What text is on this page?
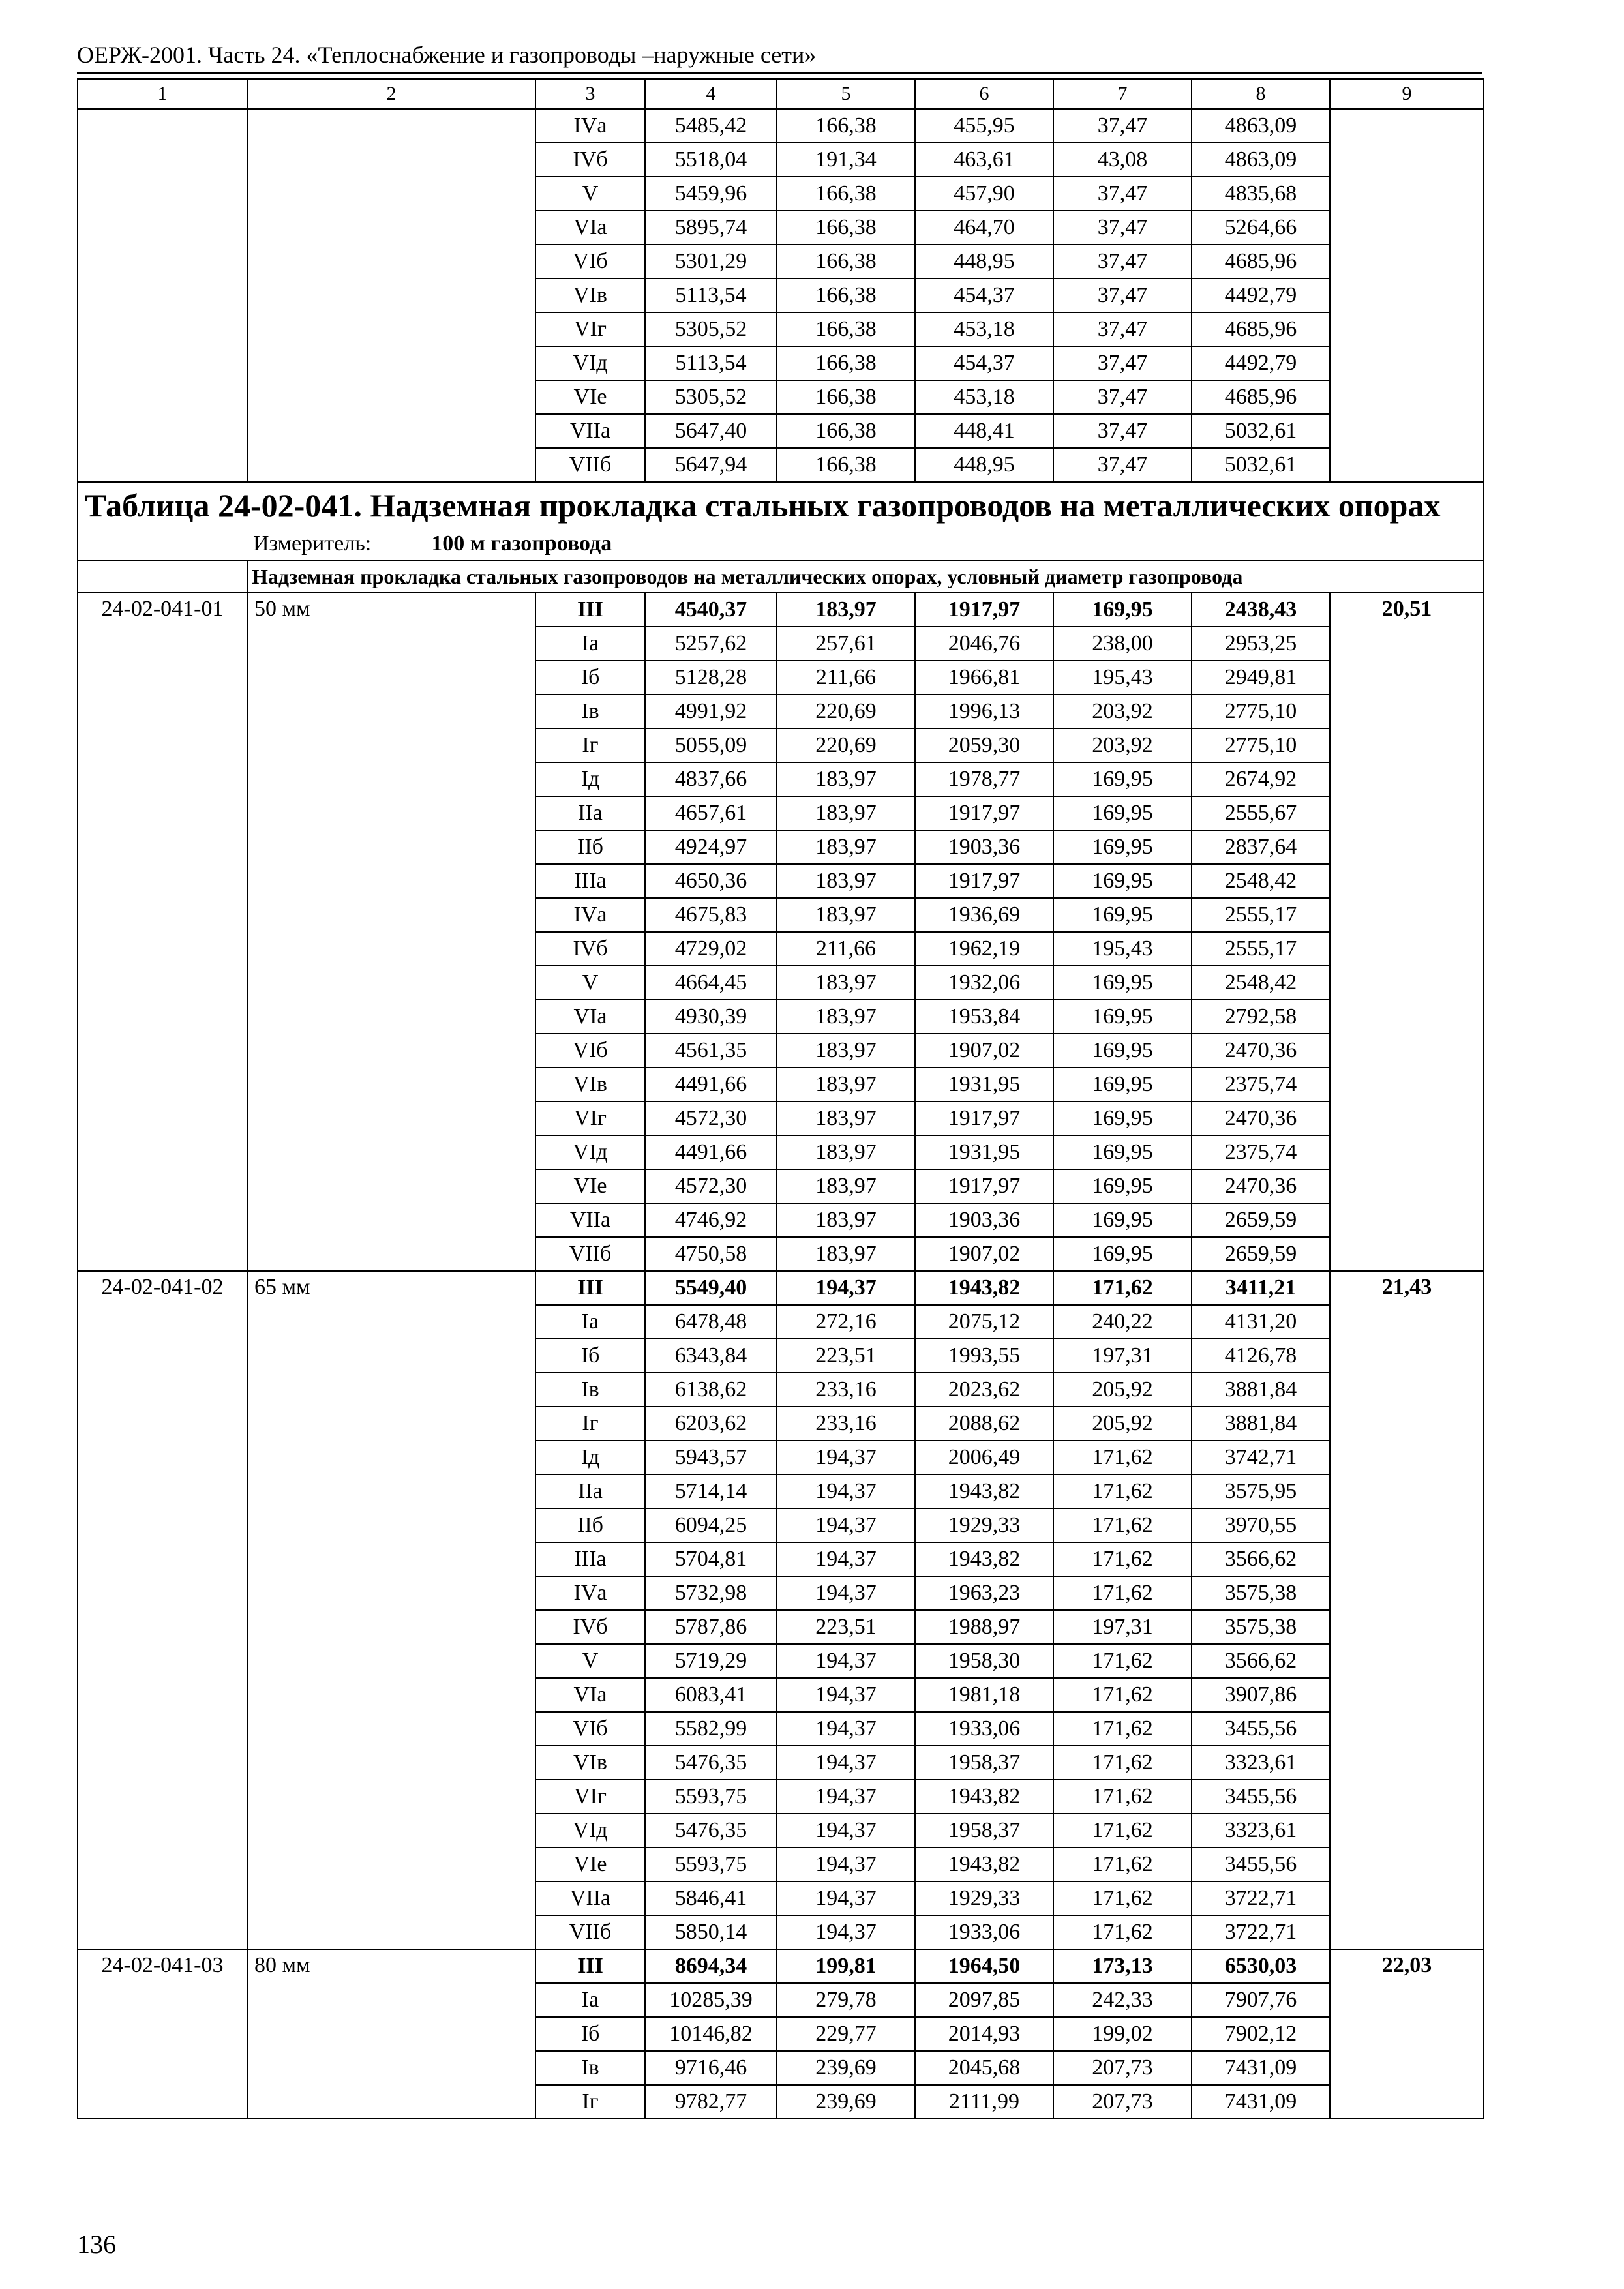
ОЕРЖ-2001. Часть 24. «Теплоснабжение и газопроводы –наружные сети»
1	2	3	4	5	6	7	8	9
		IVа	5485,42	166,38	455,95	37,47	4863,09	
		IVб	5518,04	191,34	463,61	43,08	4863,09	
		V	5459,96	166,38	457,90	37,47	4835,68	
		VIа	5895,74	166,38	464,70	37,47	5264,66	
		VIб	5301,29	166,38	448,95	37,47	4685,96	
		VIв	5113,54	166,38	454,37	37,47	4492,79	
		VIг	5305,52	166,38	453,18	37,47	4685,96	
		VIд	5113,54	166,38	454,37	37,47	4492,79	
		VIе	5305,52	166,38	453,18	37,47	4685,96	
		VIIа	5647,40	166,38	448,41	37,47	5032,61	
		VIIб	5647,94	166,38	448,95	37,47	5032,61	

Таблица 24-02-041. Надземная прокладка стальных газопроводов на металлических опорах								

Измеритель: 100 м газопровода								
	Надземная прокладка стальных газопроводов на металлических опорах, условный диаметр газопровода							
24-02-041-01	50 мм	III	4540,37	183,97	1917,97	169,95	2438,43	20,51
		Iа	5257,62	257,61	2046,76	238,00	2953,25	
		Iб	5128,28	211,66	1966,81	195,43	2949,81	
		Iв	4991,92	220,69	1996,13	203,92	2775,10	
		Iг	5055,09	220,69	2059,30	203,92	2775,10	
		Iд	4837,66	183,97	1978,77	169,95	2674,92	
		IIа	4657,61	183,97	1917,97	169,95	2555,67	
		IIб	4924,97	183,97	1903,36	169,95	2837,64	
		IIIа	4650,36	183,97	1917,97	169,95	2548,42	
		IVа	4675,83	183,97	1936,69	169,95	2555,17	
		IVб	4729,02	211,66	1962,19	195,43	2555,17	
		V	4664,45	183,97	1932,06	169,95	2548,42	
		VIа	4930,39	183,97	1953,84	169,95	2792,58	
		VIб	4561,35	183,97	1907,02	169,95	2470,36	
		VIв	4491,66	183,97	1931,95	169,95	2375,74	
		VIг	4572,30	183,97	1917,97	169,95	2470,36	
		VIд	4491,66	183,97	1931,95	169,95	2375,74	
		VIе	4572,30	183,97	1917,97	169,95	2470,36	
		VIIа	4746,92	183,97	1903,36	169,95	2659,59	
		VIIб	4750,58	183,97	1907,02	169,95	2659,59	
24-02-041-02	65 мм	III	5549,40	194,37	1943,82	171,62	3411,21	21,43
		Iа	6478,48	272,16	2075,12	240,22	4131,20	
		Iб	6343,84	223,51	1993,55	197,31	4126,78	
		Iв	6138,62	233,16	2023,62	205,92	3881,84	
		Iг	6203,62	233,16	2088,62	205,92	3881,84	
		Iд	5943,57	194,37	2006,49	171,62	3742,71	
		IIа	5714,14	194,37	1943,82	171,62	3575,95	
		IIб	6094,25	194,37	1929,33	171,62	3970,55	
		IIIа	5704,81	194,37	1943,82	171,62	3566,62	
		IVа	5732,98	194,37	1963,23	171,62	3575,38	
		IVб	5787,86	223,51	1988,97	197,31	3575,38	
		V	5719,29	194,37	1958,30	171,62	3566,62	
		VIа	6083,41	194,37	1981,18	171,62	3907,86	
		VIб	5582,99	194,37	1933,06	171,62	3455,56	
		VIв	5476,35	194,37	1958,37	171,62	3323,61	
		VIг	5593,75	194,37	1943,82	171,62	3455,56	
		VIд	5476,35	194,37	1958,37	171,62	3323,61	
		VIе	5593,75	194,37	1943,82	171,62	3455,56	
		VIIа	5846,41	194,37	1929,33	171,62	3722,71	
		VIIб	5850,14	194,37	1933,06	171,62	3722,71	
24-02-041-03	80 мм	III	8694,34	199,81	1964,50	173,13	6530,03	22,03
		Iа	10285,39	279,78	2097,85	242,33	7907,76	
		Iб	10146,82	229,77	2014,93	199,02	7902,12	
		Iв	9716,46	239,69	2045,68	207,73	7431,09	
		Iг	9782,77	239,69	2111,99	207,73	7431,09	
136
